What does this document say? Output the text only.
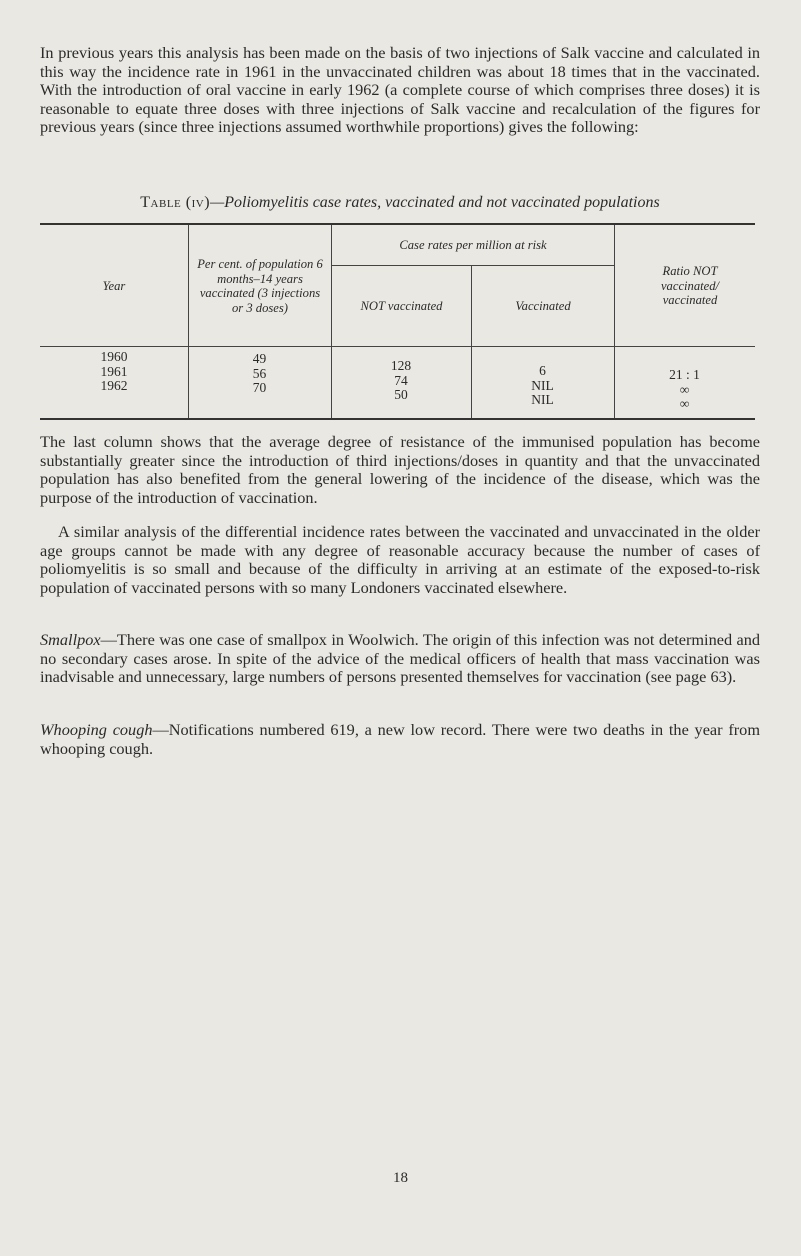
In previous years this analysis has been made on the basis of two injections of Salk vaccine and calculated in this way the incidence rate in 1961 in the unvaccinated children was about 18 times that in the vaccinated. With the introduction of oral vaccine in early 1962 (a complete course of which comprises three doses) it is reasonable to equate three doses with three injections of Salk vaccine and recalculation of the figures for previous years (since three injections assumed worthwhile proportions) gives the following:

Table (iv)—Poliomyelitis case rates, vaccinated and not vaccinated populations
Year
Per cent. of population 6 months–14 years vaccinated (3 injections or 3 doses)
Case rates per million at risk
NOT vaccinated	Vaccinated
Ratio NOT vaccinated/ vaccinated
1960
1961
1962
49
56
70
128
74
50
6
NIL
NIL
21 : 1
∞
∞

The last column shows that the average degree of resistance of the immunised population has become substantially greater since the introduction of third injections/doses in quantity and that the unvaccinated population has also benefited from the general lowering of the incidence of the disease, which was the purpose of the introduction of vaccination.

A similar analysis of the differential incidence rates between the vaccinated and unvaccinated in the older age groups cannot be made with any degree of reasonable accuracy because the number of cases of poliomyelitis is so small and because of the difficulty in arriving at an estimate of the exposed-to-risk population of vaccinated persons with so many Londoners vaccinated elsewhere.

Smallpox—There was one case of smallpox in Woolwich. The origin of this infection was not determined and no secondary cases arose. In spite of the advice of the medical officers of health that mass vaccination was inadvisable and unnecessary, large numbers of persons presented themselves for vaccination (see page 63).

Whooping cough—Notifications numbered 619, a new low record. There were two deaths in the year from whooping cough.

18
